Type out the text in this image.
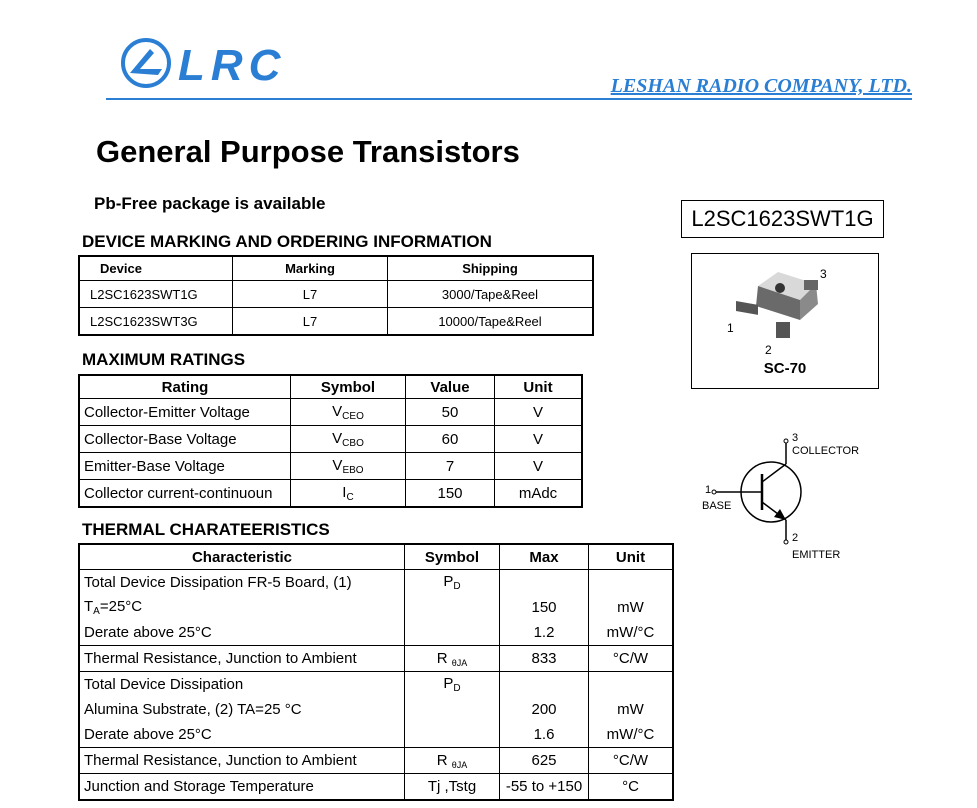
LRC	LESHAN RADIO COMPANY, LTD.
General Purpose Transistors
Pb-Free package is available
L2SC1623SWT1G
3
1
2
SC-70
3
COLLECTOR
1
BASE
2
EMITTER
DEVICE MARKING AND ORDERING INFORMATION
Device	Marking	Shipping
L2SC1623SWT1G	L7	3000/Tape&Reel
L2SC1623SWT3G	L7	10000/Tape&Reel
MAXIMUM RATINGS
Rating	Symbol	Value	Unit
Collector-Emitter Voltage	$V_{CEO}$	50	V
Collector-Base Voltage	$V_{CBO}$	60	V
Emitter-Base Voltage	$V_{EBO}$	7	V
Collector current-continuoun	$I_C$	150	mAdc
THERMAL CHARATEERISTICS
Characteristic	Symbol	Max	Unit
Total Device Dissipation FR-5 Board, (1)	$P_D$		
$T_A=25^\circ C$		150	mW
Derate above 25°C		1.2	mW/°C
Thermal Resistance, Junction to Ambient	R $_{\theta JA}$	833	°C/W
Total Device Dissipation	$P_D$		
Alumina Substrate, (2) TA=25 °C		200	mW
Derate above 25°C		1.6	mW/°C
Thermal Resistance, Junction to Ambient	R $_{\theta JA}$	625	°C/W
Junction and Storage Temperature	Tj ,Tstg	-55 to +150	°C
